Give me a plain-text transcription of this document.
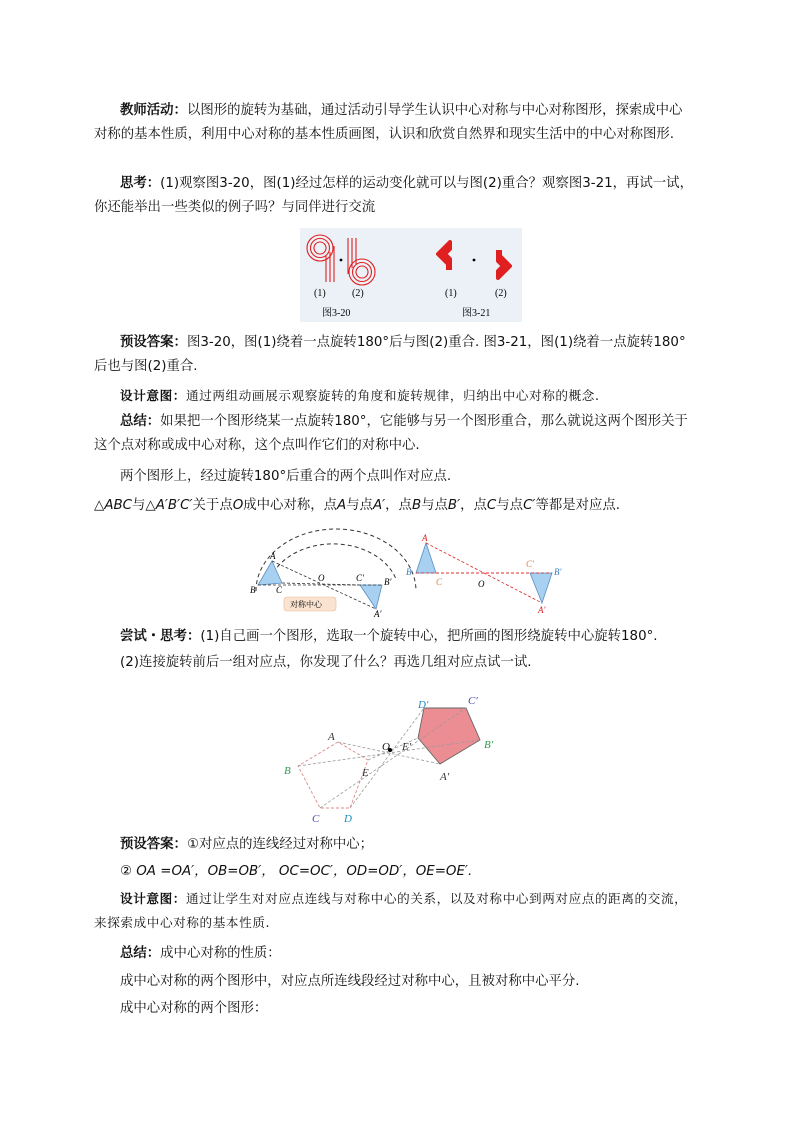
教师活动：以图形的旋转为基础，通过活动引导学生认识中心对称与中心对称图形，探索成中心对称的基本性质，利用中心对称的基本性质画图，认识和欣赏自然界和现实生活中的中心对称图形.

思考：(1)观察图3-20，图(1)经过怎样的运动变化就可以与图(2)重合？观察图3-21，再试一试，你还能举出一些类似的例子吗？与同伴进行交流

(1)	(2)
图3-20
(1)	(2)
图3-21

预设答案：图3-20，图(1)绕着一点旋转180°后与图(2)重合. 图3-21，图(1)绕着一点旋转180°后也与图(2)重合.

设计意图：通过两组动画展示观察旋转的角度和旋转规律，归纳出中心对称的概念.

总结：如果把一个图形绕某一点旋转180°，它能够与另一个图形重合，那么就说这两个图形关于这个点对称或成中心对称，这个点叫作它们的对称中心.

两个图形上，经过旋转180°后重合的两个点叫作对应点.

△ABC与△A′B′C′关于点O成中心对称，点A与点A′，点B与点B′，点C与点C′等都是对应点.

A
B C
O	C′ B′
A′
对称中心
A
B
C	O
C′
B′
A′

尝试・思考：(1)自己画一个图形，选取一个旋转中心，把所画的图形绕旋转中心旋转180°.

(2)连接旋转前后一组对应点，你发现了什么？再选几组对应点试一试.

A
B
C D
E
O
A′
B′
C′
D′
E′

预设答案：①对应点的连线经过对称中心；

② OA =OA′，OB=OB′， OC=OC′，OD=OD′，OE=OE′.

设计意图：通过让学生对对应点连线与对称中心的关系，以及对称中心到两对应点的距离的交流，来探索成中心对称的基本性质.

总结：成中心对称的性质：

成中心对称的两个图形中，对应点所连线段经过对称中心，且被对称中心平分.

成中心对称的两个图形：
